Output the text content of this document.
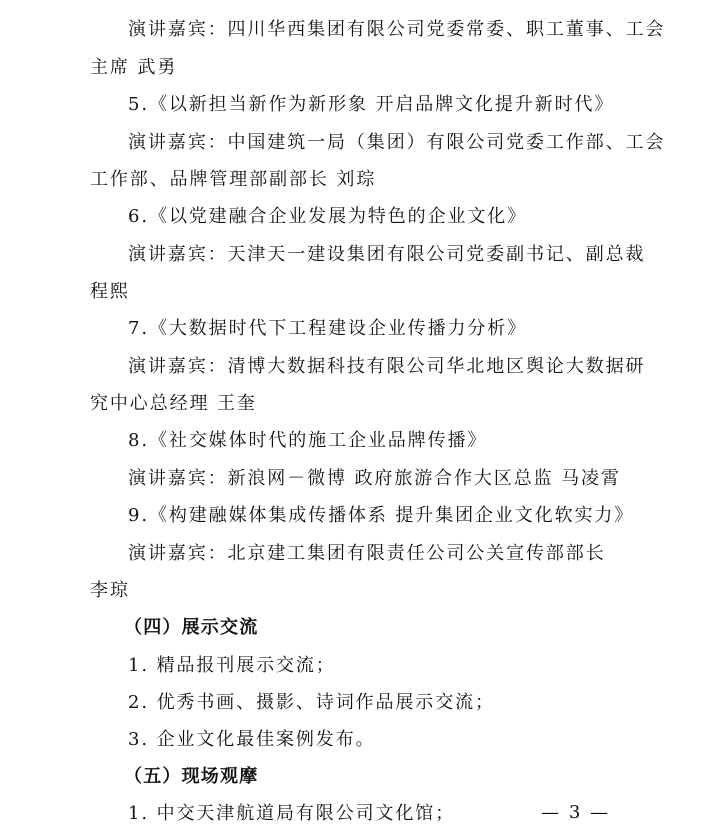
演讲嘉宾：四川华西集团有限公司党委常委、职工董事、工会
主席 武勇
5.《以新担当新作为新形象 开启品牌文化提升新时代》
演讲嘉宾：中国建筑一局（集团）有限公司党委工作部、工会
工作部、品牌管理部副部长 刘琮
6.《以党建融合企业发展为特色的企业文化》
演讲嘉宾：天津天一建设集团有限公司党委副书记、副总裁
程熙
7.《大数据时代下工程建设企业传播力分析》
演讲嘉宾：清博大数据科技有限公司华北地区舆论大数据研
究中心总经理 王奎
8.《社交媒体时代的施工企业品牌传播》
演讲嘉宾：新浪网－微博 政府旅游合作大区总监 马凌霄
9.《构建融媒体集成传播体系 提升集团企业文化软实力》
演讲嘉宾：北京建工集团有限责任公司公关宣传部部长
李琼
（四）展示交流
1. 精品报刊展示交流；
2. 优秀书画、摄影、诗词作品展示交流；
3. 企业文化最佳案例发布。
（五）现场观摩
1. 中交天津航道局有限公司文化馆；	— 3 —
